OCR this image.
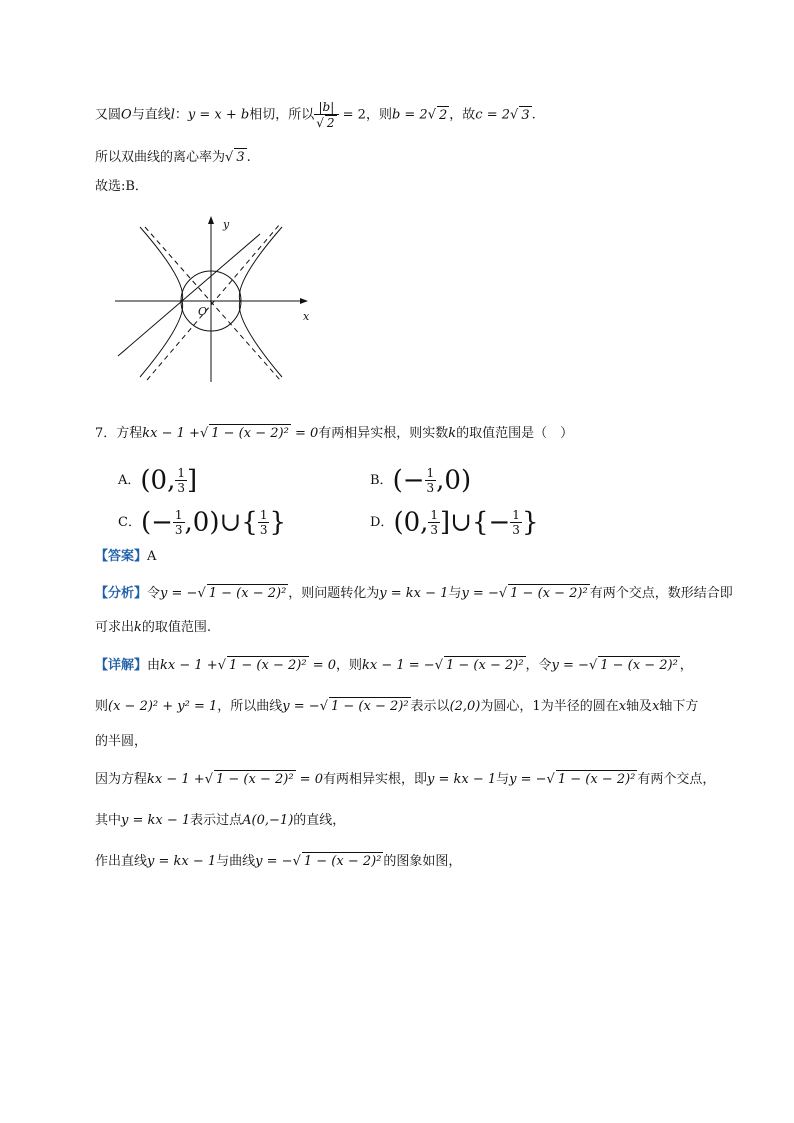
又圆O与直线l：y = x + b相切，所以 $\frac{|b|}{√ 2} = 2$，则b = 2√ 2 ，故c = 2√ 3 .
所以双曲线的离心率为√ 3 .
故选:B．
y
x
O
7．方程kx − 1 +√ 1 − (x − 2)² = 0有两相异实根，则实数k的取值范围是（　）
A．(0, $\frac{1}{3}$ ]	B．(− $\frac{1}{3} ,0$)
C．(− $\frac{1}{3}$ ,0)∪{ $\frac{1}{3}$ }	D．(0, $\frac{1}{3}$ ]∪{− $\frac{1}{3}$ }
【答案】A
【分析】令y = −√ 1 − (x − 2)² ，则问题转化为y = kx − 1与y = −√ 1 − (x − 2)² 有两个交点，数形结合即
可求出k的取值范围.
【详解】由kx − 1 +√ 1 − (x − 2)² = 0，则kx − 1 = −√ 1 − (x − 2)² ，令y = −√ 1 − (x − 2)² ，
则(x − 2)² + y² = 1，所以曲线y = −√ 1 − (x − 2)² 表示以(2,0)为圆心，1为半径的圆在x轴及x轴下方
的半圆，
因为方程kx − 1 +√ 1 − (x − 2)² = 0有两相异实根，即y = kx − 1与y = −√ 1 − (x − 2)² 有两个交点，
其中y = kx − 1表示过点A(0,−1)的直线，
作出直线y = kx − 1与曲线y = −√ 1 − (x − 2)² 的图象如图，
